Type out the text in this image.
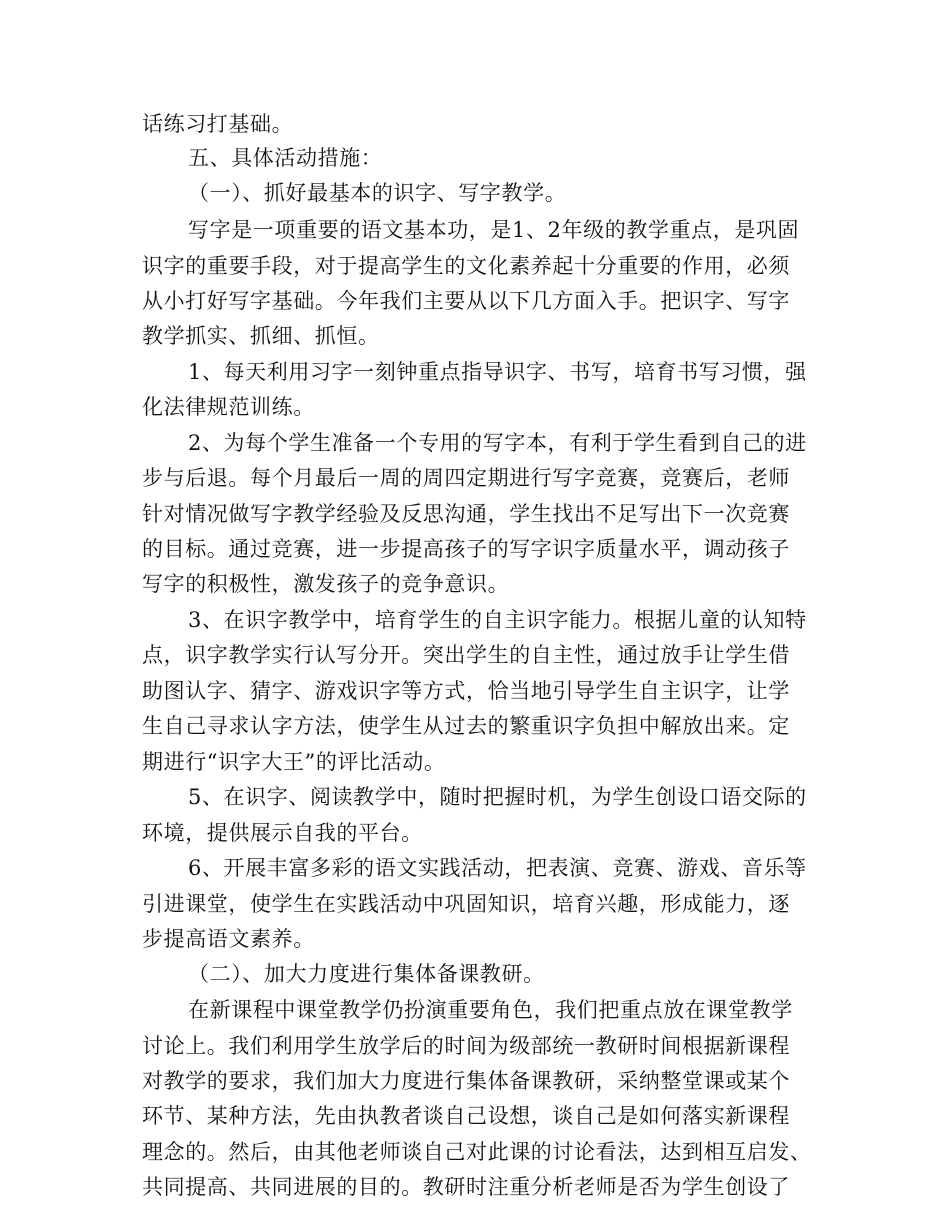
话练习打基础。
五、具体活动措施：
（一）、抓好最基本的识字、写字教学。
写字是一项重要的语文基本功，是1、2年级的教学重点，是巩固
识字的重要手段，对于提高学生的文化素养起十分重要的作用，必须
从小打好写字基础。今年我们主要从以下几方面入手。把识字、写字
教学抓实、抓细、抓恒。
1、每天利用习字一刻钟重点指导识字、书写，培育书写习惯，强
化法律规范训练。
2、为每个学生准备一个专用的写字本，有利于学生看到自己的进
步与后退。每个月最后一周的周四定期进行写字竞赛，竞赛后，老师
针对情况做写字教学经验及反思沟通，学生找出不足写出下一次竞赛
的目标。通过竞赛，进一步提高孩子的写字识字质量水平，调动孩子
写字的积极性，激发孩子的竞争意识。
3、在识字教学中，培育学生的自主识字能力。根据儿童的认知特
点，识字教学实行认写分开。突出学生的自主性，通过放手让学生借
助图认字、猜字、游戏识字等方式，恰当地引导学生自主识字，让学
生自己寻求认字方法，使学生从过去的繁重识字负担中解放出来。定
期进行“识字大王”的评比活动。
5、在识字、阅读教学中，随时把握时机，为学生创设口语交际的
环境，提供展示自我的平台。
6、开展丰富多彩的语文实践活动，把表演、竞赛、游戏、音乐等
引进课堂，使学生在实践活动中巩固知识，培育兴趣，形成能力，逐
步提高语文素养。
（二）、加大力度进行集体备课教研。
在新课程中课堂教学仍扮演重要角色，我们把重点放在课堂教学
讨论上。我们利用学生放学后的时间为级部统一教研时间根据新课程
对教学的要求，我们加大力度进行集体备课教研，采纳整堂课或某个
环节、某种方法，先由执教者谈自己设想，谈自己是如何落实新课程
理念的。然后，由其他老师谈自己对此课的讨论看法，达到相互启发、
共同提高、共同进展的目的。教研时注重分析老师是否为学生创设了
